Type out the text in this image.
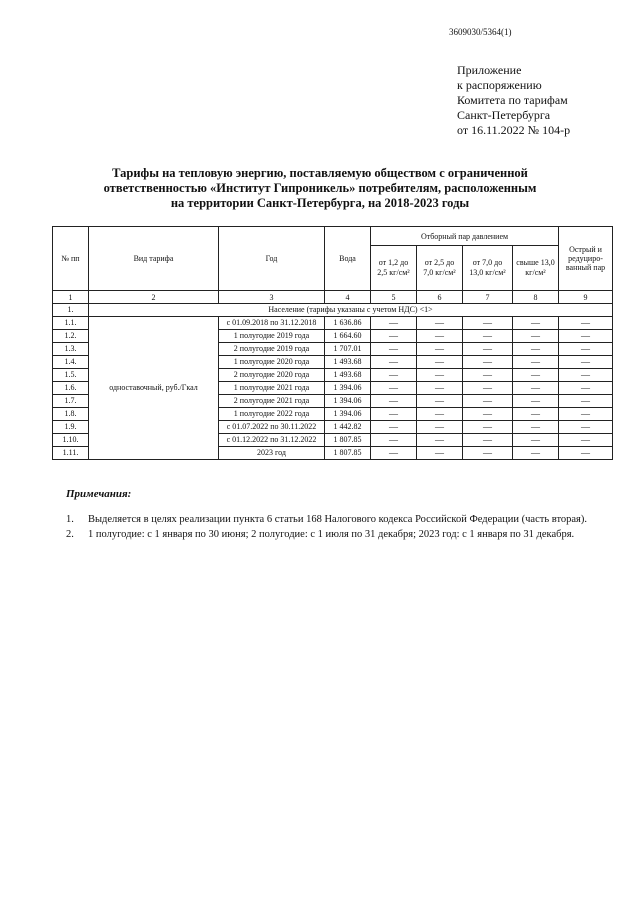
3609030/5364(1)
Приложение
к распоряжению
Комитета по тарифам
Санкт-Петербурга
от 16.11.2022 № 104-р
Тарифы на тепловую энергию, поставляемую обществом с ограниченной
ответственностью «Институт Гипроникель» потребителям, расположенным
на территории Санкт-Петербурга, на 2018-2023 годы
№ пп	Вид тарифа	Год	Вода	Отборный пар давлением				Острый и редуциро-ванный пар
				от 1,2 до 2,5 кг/см²	от 2,5 до 7,0 кг/см²	от 7,0 до 13,0 кг/см²	свыше 13,0 кг/см²	
1	2	3	4	5	6	7	8	9
1.	Население (тарифы указаны с учетом НДС) <1>							
1.1.	одноставочный, руб./Гкал	с 01.09.2018 по 31.12.2018	1 636.86	—	—	—	—	—
1.2.		1 полугодие 2019 года	1 664.60	—	—	—	—	—
1.3.		2 полугодие 2019 года	1 707.01	—	—	—	—	—
1.4.		1 полугодие 2020 года	1 493.68	—	—	—	—	—
1.5.		2 полугодие 2020 года	1 493.68	—	—	—	—	—
1.6.		1 полугодие 2021 года	1 394.06	—	—	—	—	—
1.7.		2 полугодие 2021 года	1 394.06	—	—	—	—	—
1.8.		1 полугодие 2022 года	1 394.06	—	—	—	—	—
1.9.		с 01.07.2022 по 30.11.2022	1 442.82	—	—	—	—	—
1.10.		с 01.12.2022 по 31.12.2022	1 807.85	—	—	—	—	—
1.11.		2023 год	1 807.85	—	—	—	—	—
Примечания:
1.	Выделяется в целях реализации пункта 6 статьи 168 Налогового кодекса Российской Федерации (часть вторая).
2.	1 полугодие: с 1 января по 30 июня; 2 полугодие: с 1 июля по 31 декабря; 2023 год: с 1 января по 31 декабря.
